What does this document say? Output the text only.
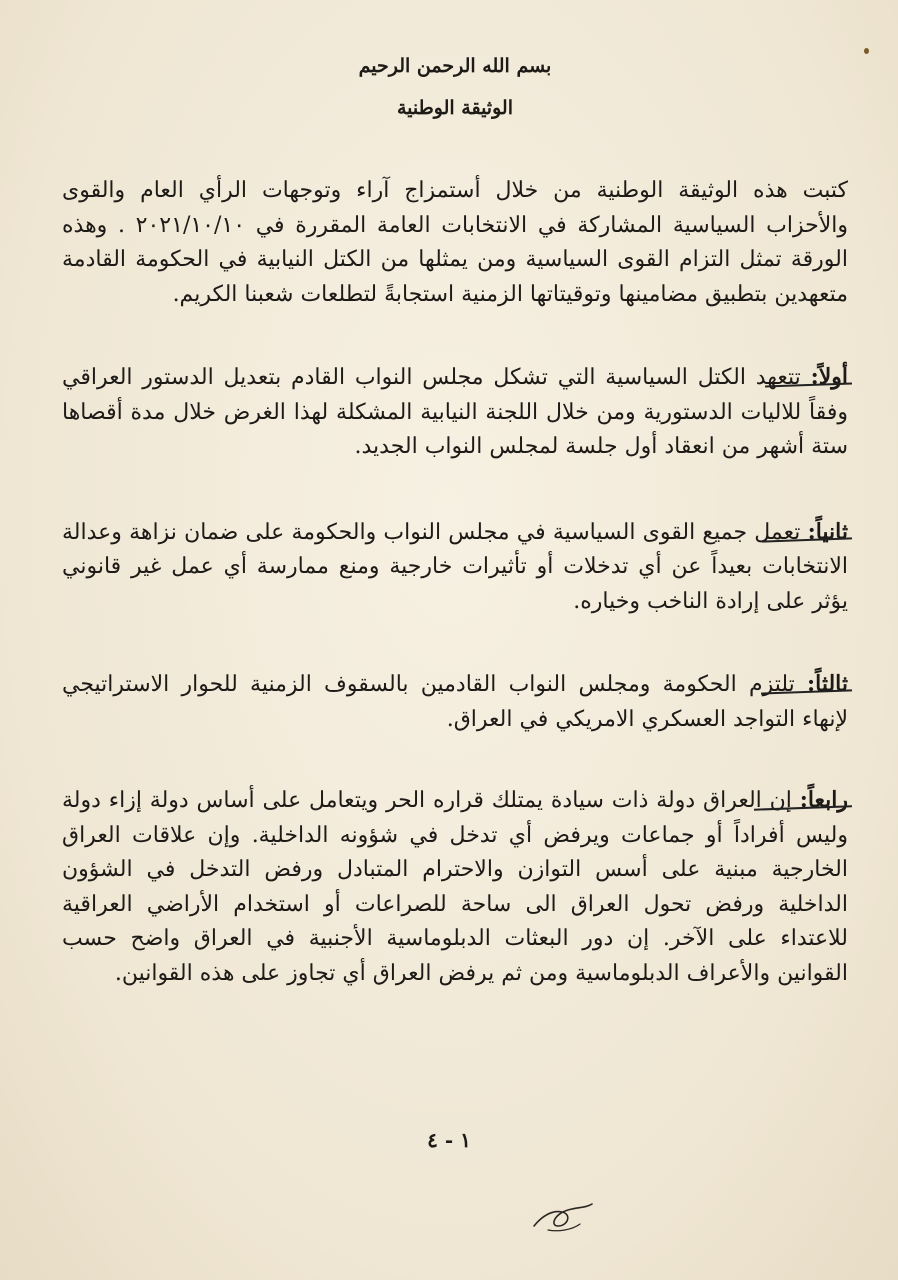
بسم الله الرحمن الرحيم

الوثيقة الوطنية

كتبت هذه الوثيقة الوطنية من خلال أستمزاج آراء وتوجهات الرأي العام والقوى والأحزاب السياسية المشاركة في الانتخابات العامة المقررة في ٢٠٢١/١٠/١٠ . وهذه الورقة تمثل التزام القوى السياسية ومن يمثلها من الكتل النيابية في الحكومة القادمة متعهدين بتطبيق مضامينها وتوقيتاتها الزمنية استجابةً لتطلعات شعبنا الكريم.

أولاً: تتعهد الكتل السياسية التي تشكل مجلس النواب القادم بتعديل الدستور العراقي وفقاً للاليات الدستورية ومن خلال اللجنة النيابية المشكلة لهذا الغرض خلال مدة أقصاها ستة أشهر من انعقاد أول جلسة لمجلس النواب الجديد.

ثانياً: تعمل جميع القوى السياسية في مجلس النواب والحكومة على ضمان نزاهة وعدالة الانتخابات بعيداً عن أي تدخلات أو تأثيرات خارجية ومنع ممارسة أي عمل غير قانوني يؤثر على إرادة الناخب وخياره.

ثالثاً: تلتزم الحكومة ومجلس النواب القادمين بالسقوف الزمنية للحوار الاستراتيجي لإنهاء التواجد العسكري الامريكي في العراق.

رابعاً: إن العراق دولة ذات سيادة يمتلك قراره الحر ويتعامل على أساس دولة إزاء دولة وليس أفراداً أو جماعات ويرفض أي تدخل في شؤونه الداخلية. وإن علاقات العراق الخارجية مبنية على أسس التوازن والاحترام المتبادل ورفض التدخل في الشؤون الداخلية ورفض تحول العراق الى ساحة للصراعات أو استخدام الأراضي العراقية للاعتداء على الآخر. إن دور البعثات الدبلوماسية الأجنبية في العراق واضح حسب القوانين والأعراف الدبلوماسية ومن ثم يرفض العراق أي تجاوز على هذه القوانين.

١ - ٤
